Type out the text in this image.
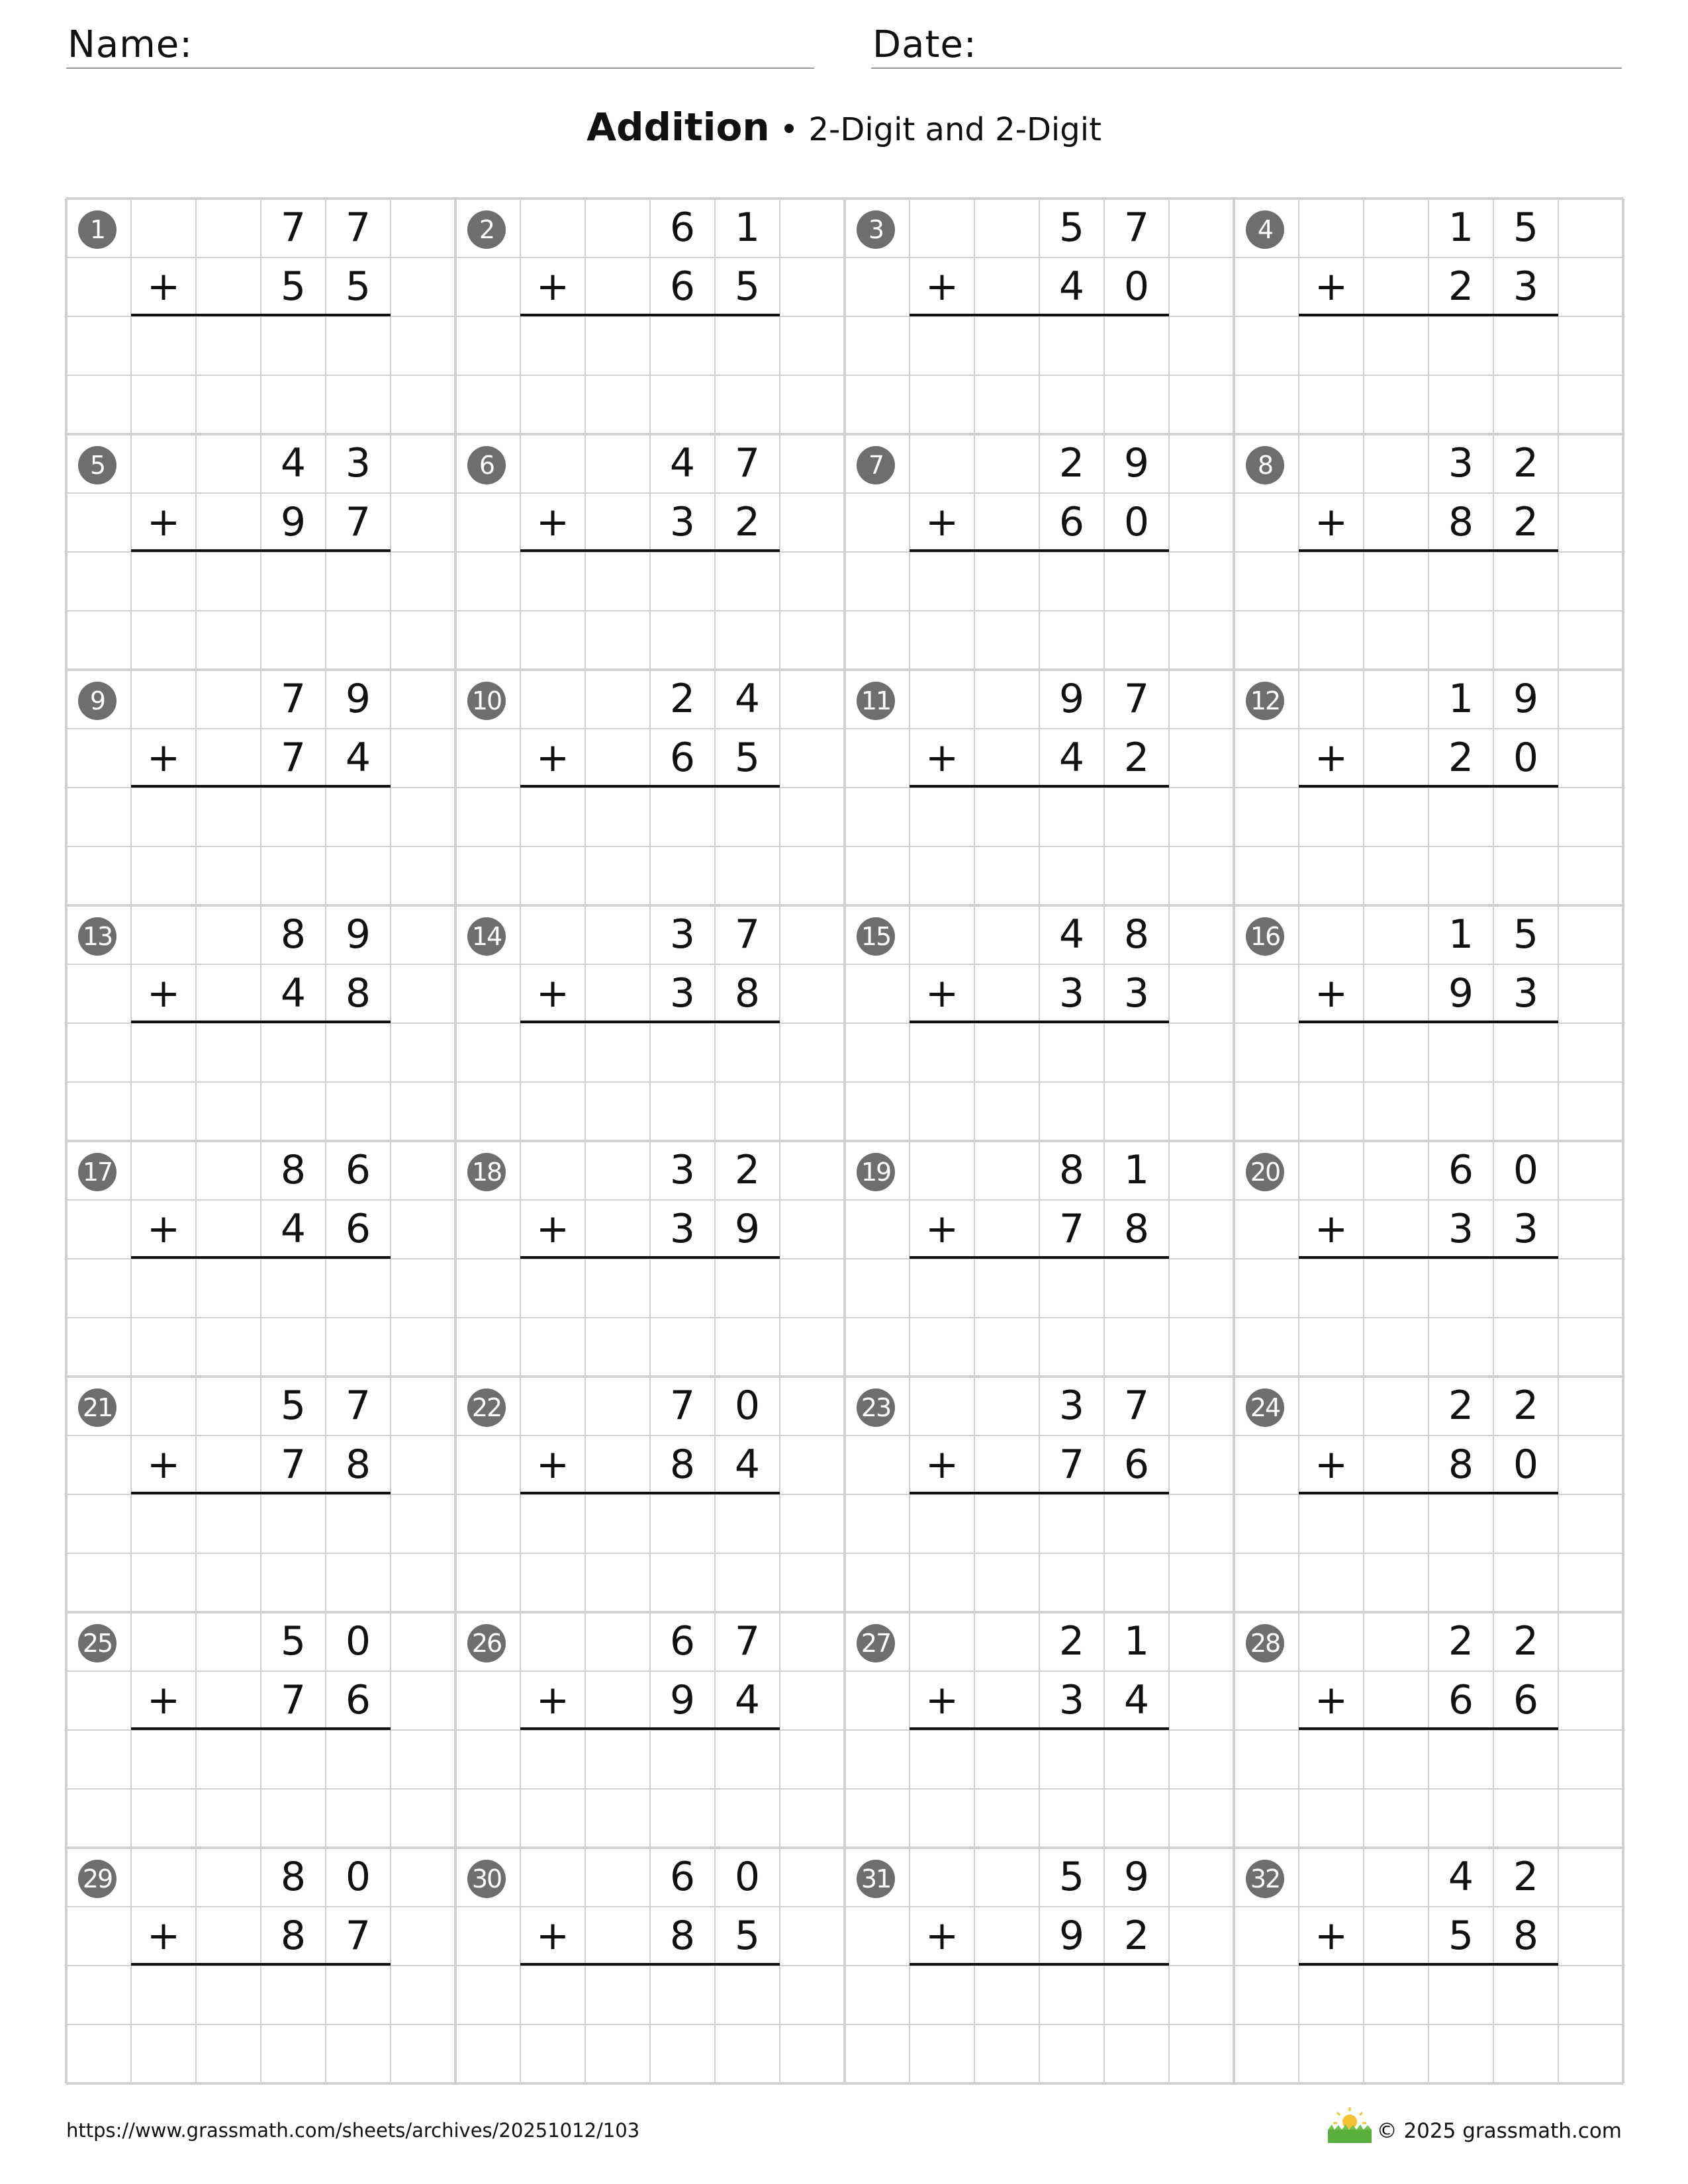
Name:	Date:
Addition • 2-Digit and 2-Digit
1	7 7
5 5
+
2	6 1
6 5
+
3	5 7
4 0
+
4	1 5
2 3
+
5	4 3
9 7
+
6	4 7
3 2
+
7	2 9
6 0
+
8	3 2
8 2
+
9	7 9
7 4
+
10	2 4
6 5
+
11	9 7
4 2
+
12	1 9
2 0
+
13	8 9
4 8
+
14	3 7
3 8
+
15	4 8
3 3
+
16	1 5
9 3
+
17	8 6
4 6
+
18	3 2
3 9
+
19	8 1
7 8
+
20	6 0
3 3
+
21	5 7
7 8
+
22	7 0
8 4
+
23	3 7
7 6
+
24	2 2
8 0
+
25	5 0
7 6
+
26	6 7
9 4
+
27	2 1
3 4
+
28	2 2
6 6
+
29	8 0
8 7
+
30	6 0
8 5
+
31	5 9
9 2
+
32	4 2
5 8
+
https://www.grassmath.com/sheets/archives/20251012/103	© 2025 grassmath.com
